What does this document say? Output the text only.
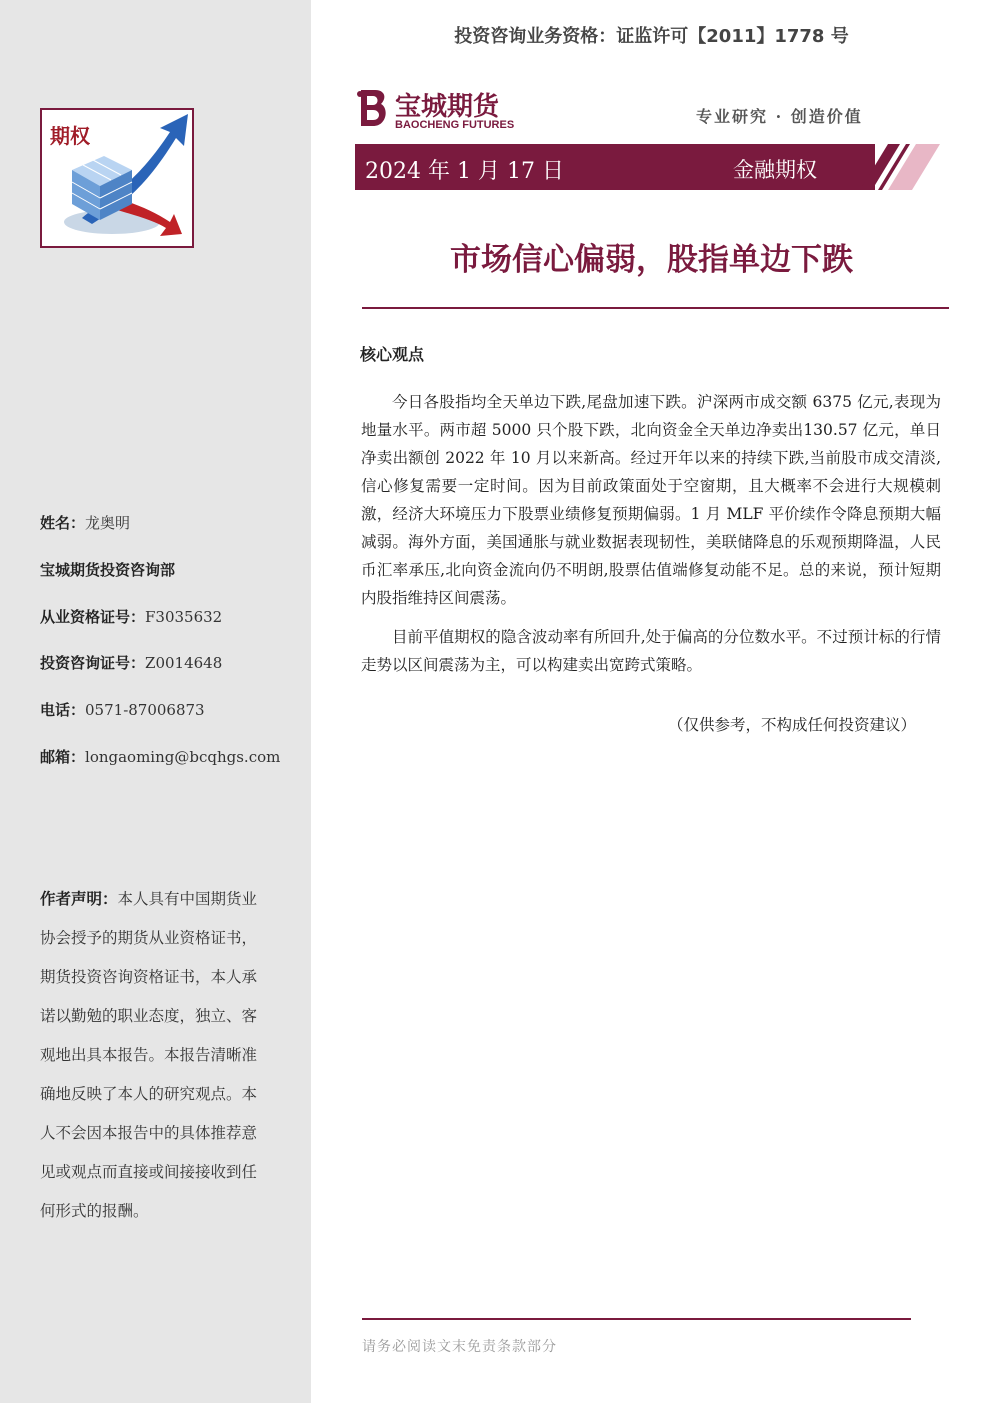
期权
姓名：龙奥明
宝城期货投资咨询部
从业资格证号：F3035632
投资咨询证号：Z0014648
电话：0571-87006873
邮箱：longaoming@bcqhgs.com
作者声明：本人具有中国期货业协会授予的期货从业资格证书，期货投资咨询资格证书，本人承诺以勤勉的职业态度，独立、客观地出具本报告。本报告清晰准确地反映了本人的研究观点。本人不会因本报告中的具体推荐意见或观点而直接或间接接收到任何形式的报酬。
投资咨询业务资格：证监许可【2011】1778 号
宝城期货
BAOCHENG FUTURES	专业研究 · 创造价值
2024 年 1 月 17 日	金融期权
市场信心偏弱，股指单边下跌
核心观点
今日各股指均全天单边下跌,尾盘加速下跌。沪深两市成交额 6375 亿元,表现为地量水平。两市超 5000 只个股下跌，北向资金全天单边净卖出130.57 亿元，单日净卖出额创 2022 年 10 月以来新高。经过开年以来的持续下跌,当前股市成交清淡,信心修复需要一定时间。因为目前政策面处于空窗期，且大概率不会进行大规模刺激，经济大环境压力下股票业绩修复预期偏弱。1 月 MLF 平价续作令降息预期大幅减弱。海外方面，美国通胀与就业数据表现韧性，美联储降息的乐观预期降温，人民币汇率承压,北向资金流向仍不明朗,股票估值端修复动能不足。总的来说，预计短期内股指维持区间震荡。
目前平值期权的隐含波动率有所回升,处于偏高的分位数水平。不过预计标的行情走势以区间震荡为主，可以构建卖出宽跨式策略。
（仅供参考，不构成任何投资建议）
请务必阅读文末免责条款部分
